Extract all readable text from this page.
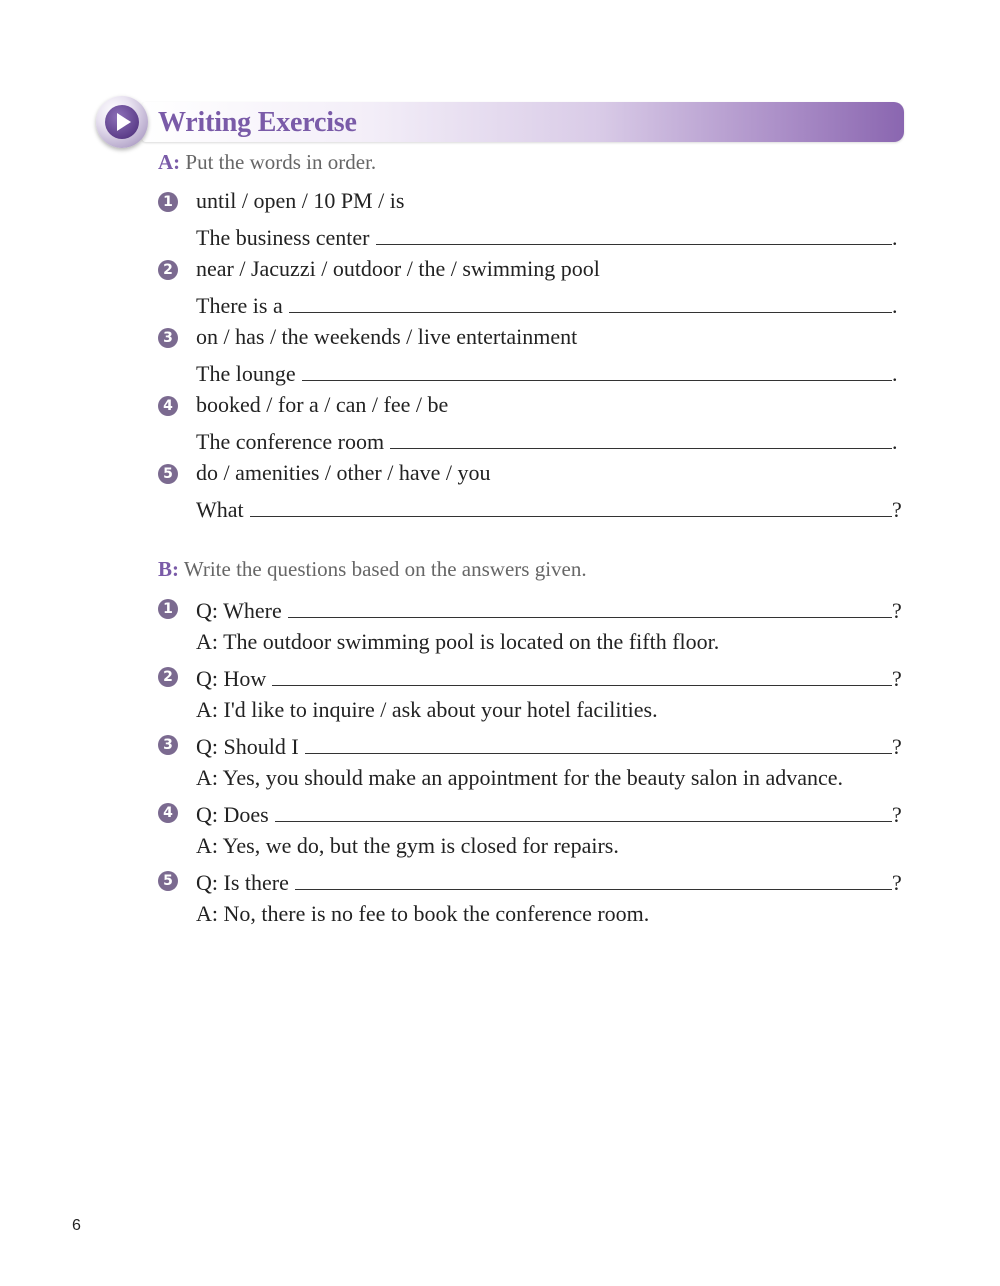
Writing Exercise
A: Put the words in order.
1 until / open / 10 PM / is
The business center	.
2 near / Jacuzzi / outdoor / the / swimming pool
There is a	.
3 on / has / the weekends / live entertainment
The lounge	.
4 booked / for a / can / fee / be
The conference room	.
5 do / amenities / other / have / you
What	?
B: Write the questions based on the answers given.
1 Q: Where	?
A: The outdoor swimming pool is located on the fifth floor.
2 Q: How	?
A: I'd like to inquire / ask about your hotel facilities.
3 Q: Should I	?
A: Yes, you should make an appointment for the beauty salon in advance.
4 Q: Does	?
A: Yes, we do, but the gym is closed for repairs.
5 Q: Is there	?
A: No, there is no fee to book the conference room.
6
